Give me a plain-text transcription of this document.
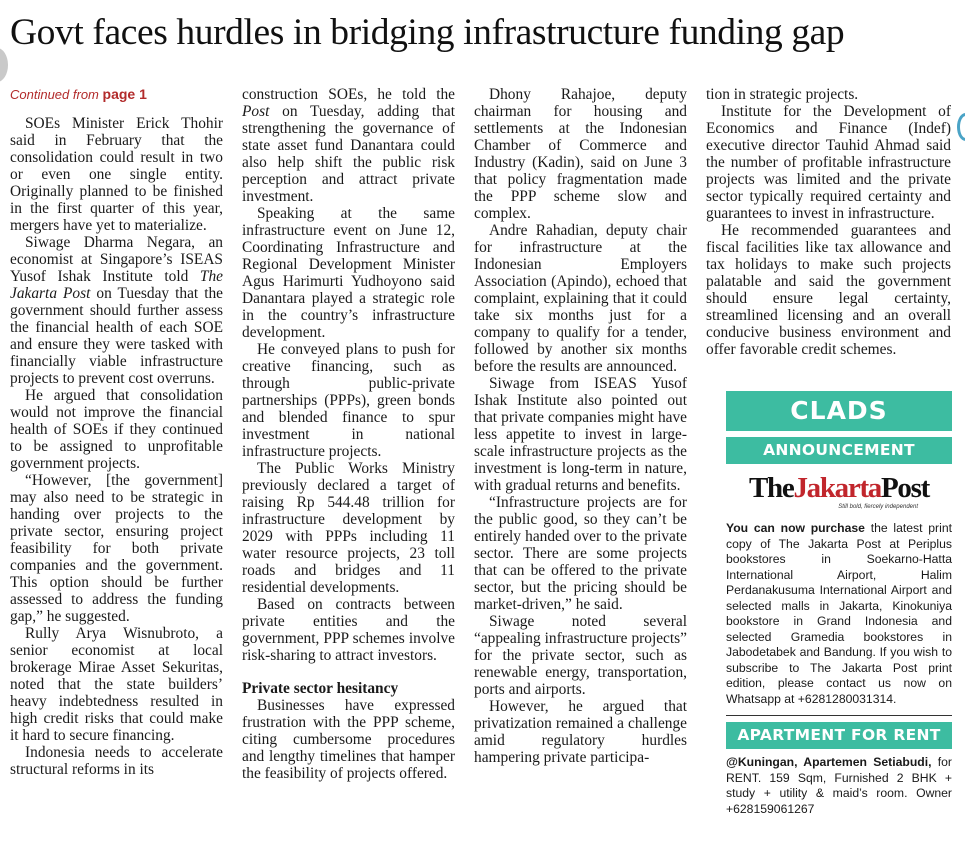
Govt faces hurdles in bridging infrastructure funding gap
Continued from page 1

SOEs Minister Erick Thohir said in February that the consolidation could result in two or even one single entity. Originally planned to be finished in the first quarter of this year, mergers have yet to materialize.

Siwage Dharma Negara, an economist at Singapore’s ISEAS Yusof Ishak Institute told The Jakarta Post on Tuesday that the government should further assess the financial health of each SOE and ensure they were tasked with financially viable infrastructure projects to prevent cost overruns.

He argued that consolidation would not improve the financial health of SOEs if they continued to be assigned to unprofitable government projects.

“However, [the government] may also need to be strategic in handing over projects to the private sector, ensuring project feasibility for both private companies and the government. This option should be further assessed to address the funding gap,” he suggested.

Rully Arya Wisnubroto, a senior economist at local brokerage Mirae Asset Sekuritas, noted that the state builders’ heavy indebtedness resulted in high credit risks that could make it hard to secure financing.

Indonesia needs to accelerate structural reforms in its

construction SOEs, he told the Post on Tuesday, adding that strengthening the governance of state asset fund Danantara could also help shift the public risk perception and attract private investment.

Speaking at the same infrastructure event on June 12, Coordinating Infrastructure and Regional Development Minister Agus Harimurti Yudhoyono said Danantara played a strategic role in the country’s infrastructure development.

He conveyed plans to push for creative financing, such as through public-private partnerships (PPPs), green bonds and blended finance to spur investment in national infrastructure projects.

The Public Works Ministry previously declared a target of raising Rp 544.48 trillion for infrastructure development by 2029 with PPPs including 11 water resource projects, 23 toll roads and bridges and 11 residential developments.

Based on contracts between private entities and the government, PPP schemes involve risk-sharing to attract investors.

Private sector hesitancy

Businesses have expressed frustration with the PPP scheme, citing cumbersome procedures and lengthy timelines that hamper the feasibility of projects offered.

Dhony Rahajoe, deputy chairman for housing and settlements at the Indonesian Chamber of Commerce and Industry (Kadin), said on June 3 that policy fragmentation made the PPP scheme slow and complex.

Andre Rahadian, deputy chair for infrastructure at the Indonesian Employers Association (Apindo), echoed that complaint, explaining that it could take six months just for a company to qualify for a tender, followed by another six months before the results are announced.

Siwage from ISEAS Yusof Ishak Institute also pointed out that private companies might have less appetite to invest in large-scale infrastructure projects as the investment is long-term in nature, with gradual returns and benefits.

“Infrastructure projects are for the public good, so they can’t be entirely handed over to the private sector. There are some projects that can be offered to the private sector, but the pricing should be market-driven,” he said.

Siwage noted several “appealing infrastructure projects” for the private sector, such as renewable energy, transportation, ports and airports.

However, he argued that privatization remained a challenge amid regulatory hurdles hampering private participa-

tion in strategic projects.

Institute for the Development of Economics and Finance (Indef) executive director Tauhid Ahmad said the number of profitable infrastructure projects was limited and the private sector typically required certainty and guarantees to invest in infrastructure.

He recommended guarantees and fiscal facilities like tax allowance and tax holidays to make such projects palatable and said the government should ensure legal certainty, streamlined licensing and an overall conducive business environment and offer favorable credit schemes.

CLADS
ANNOUNCEMENT
TheJakartaPost
Still bold, fiercely independent
You can now purchase the latest print copy of The Jakarta Post at Periplus bookstores in Soekarno-Hatta International Airport, Halim Perdanakusuma International Airport and selected malls in Jakarta, Kinokuniya bookstore in Grand Indonesia and selected Gramedia bookstores in Jabodetabek and Bandung. If you wish to subscribe to The Jakarta Post print edition, please contact us now on Whatsapp at +6281280031314.
APARTMENT FOR RENT
@Kuningan, Apartemen Setiabudi, for RENT. 159 Sqm, Furnished 2 BHK + study + utility & maid’s room. Owner +628159061267
